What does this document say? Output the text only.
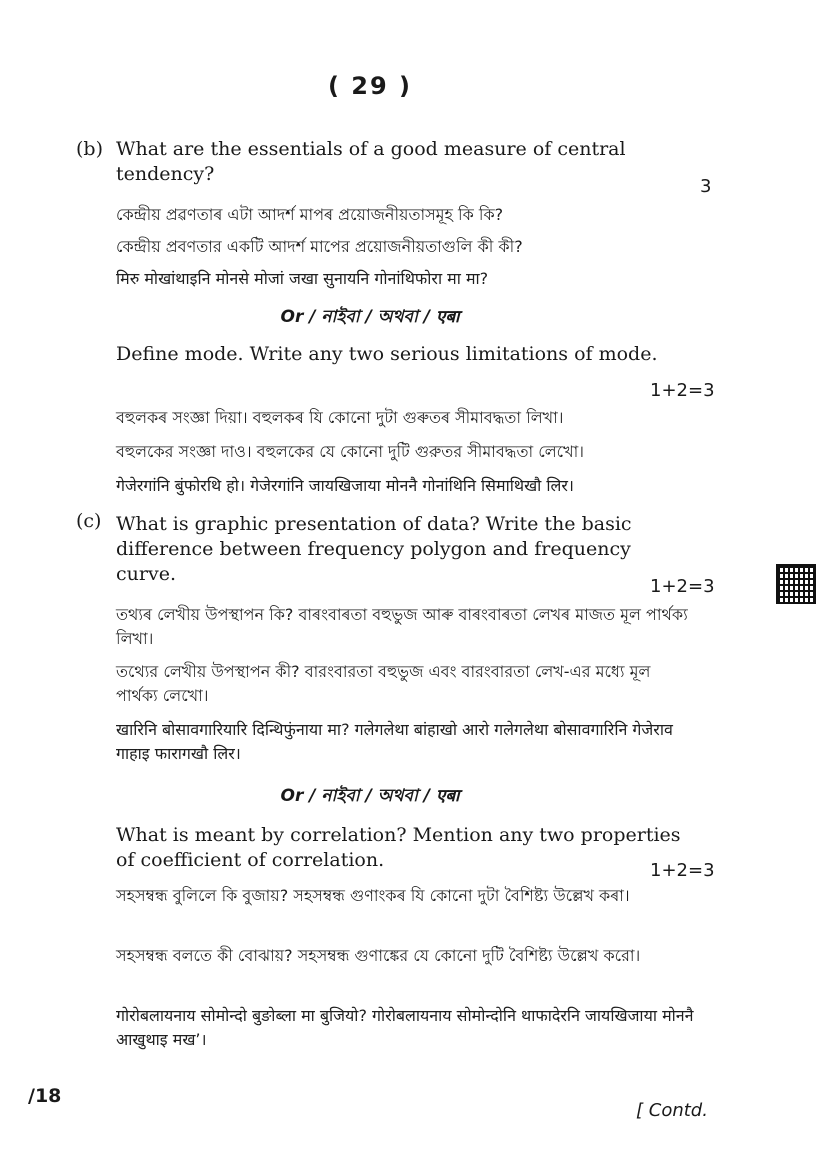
( 29 )
(b) What are the essentials of a good measure of central tendency?

3
কেন্দ্ৰীয় প্ৰৱণতাৰ এটা আদৰ্শ মাপৰ প্ৰয়োজনীয়তাসমূহ কি কি?
কেন্দ্রীয় প্রবণতার একটি আদর্শ মাপের প্রয়োজনীয়তাগুলি কী কী?
मिरु मोखांथाइनि मोनसे मोजां जखा सुनायनि गोनांथिफोरा मा मा?
Or / নাইবা / অথবা / एबा

Define mode. Write any two serious limitations of mode.

1+2=3
বহুলকৰ সংজ্ঞা দিয়া। বহুলকৰ যি কোনো দুটা গুৰুতৰ সীমাবদ্ধতা লিখা।
বহুলকের সংজ্ঞা দাও। বহুলকের যে কোনো দুটি গুরুতর সীমাবদ্ধতা লেখো।
गेजेरगांनि बुंफोरथि हो। गेजेरगांनि जायखिजाया मोननै गोनांथिनि सिमाथिखौ लिर।
(c) What is graphic presentation of data? Write the basic difference between frequency polygon and frequency curve.

1+2=3
তথ্যৰ লেখীয় উপস্থাপন কি? বাৰংবাৰতা বহুভুজ আৰু বাৰংবাৰতা লেখৰ মাজত মূল পাৰ্থক্য লিখা।
তথ্যের লেখীয় উপস্থাপন কী? বারংবারতা বহুভুজ এবং বারংবারতা লেখ-এর মধ্যে মূল পার্থক্য লেখো।
खारिनि बोसावगारियारि दिन्थिफुंनाया मा? गलेगलेथा बांहाखो आरो गलेगलेथा बोसावगारिनि गेजेराव गाहाइ फारागखौ लिर।
Or / নাইবা / অথবা / एबा

What is meant by correlation? Mention any two properties of coefficient of correlation.	1+2=3
সহসম্বন্ধ বুলিলে কি বুজায়? সহসম্বন্ধ গুণাংকৰ যি কোনো দুটা বৈশিষ্ট্য উল্লেখ কৰা।
সহসম্বন্ধ বলতে কী বোঝায়? সহসম্বন্ধ গুণাঙ্কের যে কোনো দুটি বৈশিষ্ট্য উল্লেখ করো।
गोरोबलायनाय सोमोन्दो बुङोब्ला मा बुजियो? गोरोबलायनाय सोमोन्दोनि थाफादेरनि जायखिजाया मोननै आखुथाइ मख’।
/18
[ Contd.
